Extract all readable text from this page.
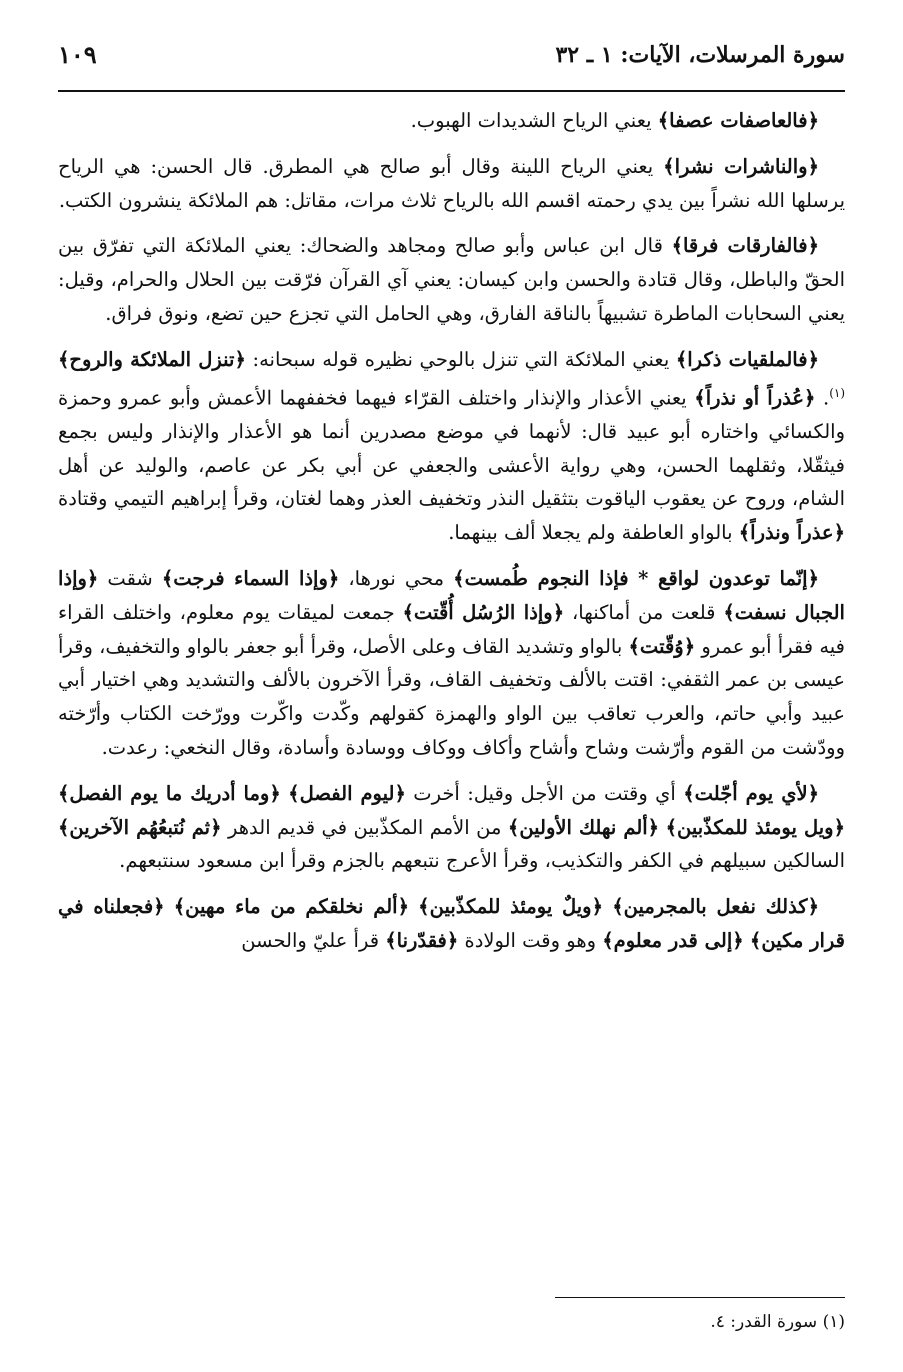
سورة المرسلات، الآيات: ١ ـ ٣٢
١٠٩

﴿فالعاصفات عصفا﴾ يعني الرياح الشديدات الهبوب.

﴿والناشرات نشرا﴾ يعني الرياح اللينة وقال أبو صالح هي المطرق. قال الحسن: هي الرياح يرسلها الله نشراً بين يدي رحمته اقسم الله بالرياح ثلاث مرات، مقاتل: هم الملائكة ينشرون الكتب.

﴿فالفارقات فرقا﴾ قال ابن عباس وأبو صالح ومجاهد والضحاك: يعني الملائكة التي تفرّق بين الحقّ والباطل، وقال قتادة والحسن وابن كيسان: يعني آي القرآن فرّقت بين الحلال والحرام، وقيل: يعني السحابات الماطرة تشبيهاً بالناقة الفارق، وهي الحامل التي تجزع حين تضع، ونوق فراق.

﴿فالملقيات ذكرا﴾ يعني الملائكة التي تنزل بالوحي نظيره قوله سبحانه: ﴿تنزل الملائكة والروح﴾$^{(١)}$. ﴿عُذراً أو نذراً﴾ يعني الأعذار والإنذار واختلف القرّاء فيهما فخففهما الأعمش وأبو عمرو وحمزة والكسائي واختاره أبو عبيد قال: لأنهما في موضع مصدرين أنما هو الأعذار والإنذار وليس بجمع فيثقّلا، وثقلهما الحسن، وهي رواية الأعشى والجعفي عن أبي بكر عن عاصم، والوليد عن أهل الشام، وروح عن يعقوب الياقوت بتثقيل النذر وتخفيف العذر وهما لغتان، وقرأ إبراهيم التيمي وقتادة ﴿عذراً ونذراً﴾ بالواو العاطفة ولم يجعلا ألف بينهما.

﴿إنّما توعدون لواقع * فإذا النجوم طُمست﴾ محي نورها، ﴿وإذا السماء فرجت﴾ شقت ﴿وإذا الجبال نسفت﴾ قلعت من أماكنها، ﴿وإذا الرُسُل أُقّتت﴾ جمعت لميقات يوم معلوم، واختلف القراء فيه فقرأ أبو عمرو ﴿وُقّتت﴾ بالواو وتشديد القاف وعلى الأصل، وقرأ أبو جعفر بالواو والتخفيف، وقرأ عيسى بن عمر الثقفي: اقتت بالألف وتخفيف القاف، وقرأ الآخرون بالألف والتشديد وهي اختيار أبي عبيد وأبي حاتم، والعرب تعاقب بين الواو والهمزة كقولهم وكّدت واكّرت وورّخت الكتاب وأرّخته وودّشت من القوم وأرّشت وشاح وأشاح وأكاف ووكاف ووسادة وأسادة، وقال النخعي: رعدت.

﴿لأي يوم أجّلت﴾ أي وقتت من الأجل وقيل: أخرت ﴿ليوم الفصل﴾ ﴿وما أدريك ما يوم الفصل﴾ ﴿ويل يومئذ للمكذّبين﴾ ﴿ألم نهلك الأولين﴾ من الأمم المكذّبين في قديم الدهر ﴿ثم نُتبعُهُم الآخرين﴾ السالكين سبيلهم في الكفر والتكذيب، وقرأ الأعرج نتبعهم بالجزم وقرأ ابن مسعود سنتبعهم.

﴿كذلك نفعل بالمجرمين﴾ ﴿ويلٌ يومئذ للمكذّبين﴾ ﴿ألم نخلقكم من ماء مهين﴾ ﴿فجعلناه في قرار مكين﴾ ﴿إلى قدر معلوم﴾ وهو وقت الولادة ﴿فقدّرنا﴾ قرأ عليّ والحسن

(١) سورة القدر: ٤.
